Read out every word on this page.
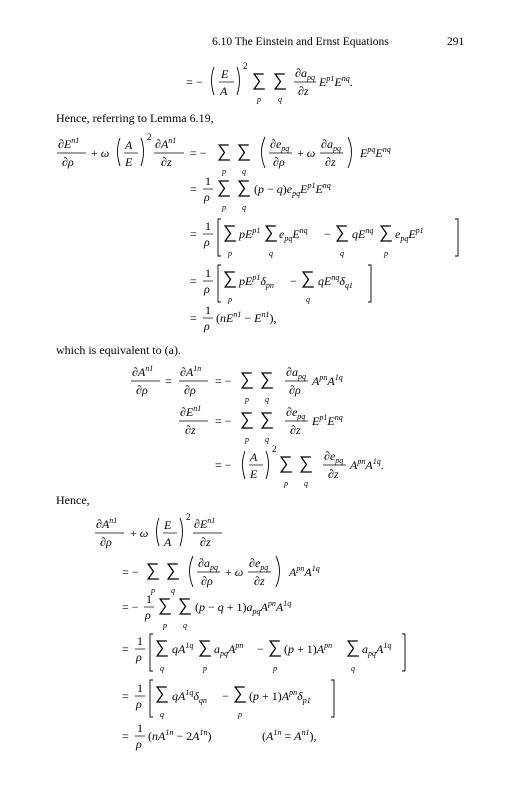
6.10 The Einstein and Ernst Equations	291
Hence, referring to Lemma 6.19,
which is equivalent to (a).
Hence,
= −
E
A
2
p q
$\partial a_{pq}$
∂z
$E^{p1}E^{nq}$.
$\partial E^{n1}$
∂ρ
+ ω
A
E
2 $\partial A^{n1}$
∂z
= −
p q
$\partial e_{pq}$
∂ρ
+ ω
$\partial a_{pq}$
∂z
$E^{pq}E^{nq}$
=
1
ρ
p q
$(p - q)e_{pq}E^{p1}E^{nq}$
=
1
ρ
p
$pE^{p1}$
q
$e_{pq}E^{nq}$ −
q
$qE^{nq}$
p
$e_{pq}E^{p1}$
=
1
ρ
p
$pE^{p1}\delta_{pn}$ −
q
$qE^{nq}\delta_{q1}$
=
1
ρ
$(nE^{n1} - E^{n1})$,
$\partial A^{n1}$
∂ρ
=
$\partial A^{1n}$
∂ρ
= −
p q
$\partial a_{pq}$
∂ρ
$A^{pn}A^{1q}$
$\partial E^{n1}$
∂z
= −
p q
$\partial e_{pq}$
∂z
$E^{p1}E^{nq}$
= −
A
E
2
p q
$\partial e_{pq}$
∂z
$A^{pn}A^{1q}$.
$\partial A^{n1}$
∂ρ
+ ω
E
A
2 $\partial E^{n1}$
∂z
= −
p q
$\partial a_{pq}$
∂ρ
+ ω
$\partial e_{pq}$
∂z
$A^{pn}A^{1q}$
= −
1
ρ
p q
$(p - q + 1)a_{pq}A^{pn}A^{1q}$
=
1
ρ
q
$qA^{1q}$
p
$a_{pq}A^{pn}$ −
p
$(p + 1)A^{pn}$
q
$a_{pq}A^{1q}$
=
1
ρ
q
$qA^{1q}\delta_{qn}$ −
p
$(p + 1)A^{pn}\delta_{p1}$
=
1
ρ
$(nA^{1n} - 2A^{1n})$	$(A^{1n} = A^{n1})$,
